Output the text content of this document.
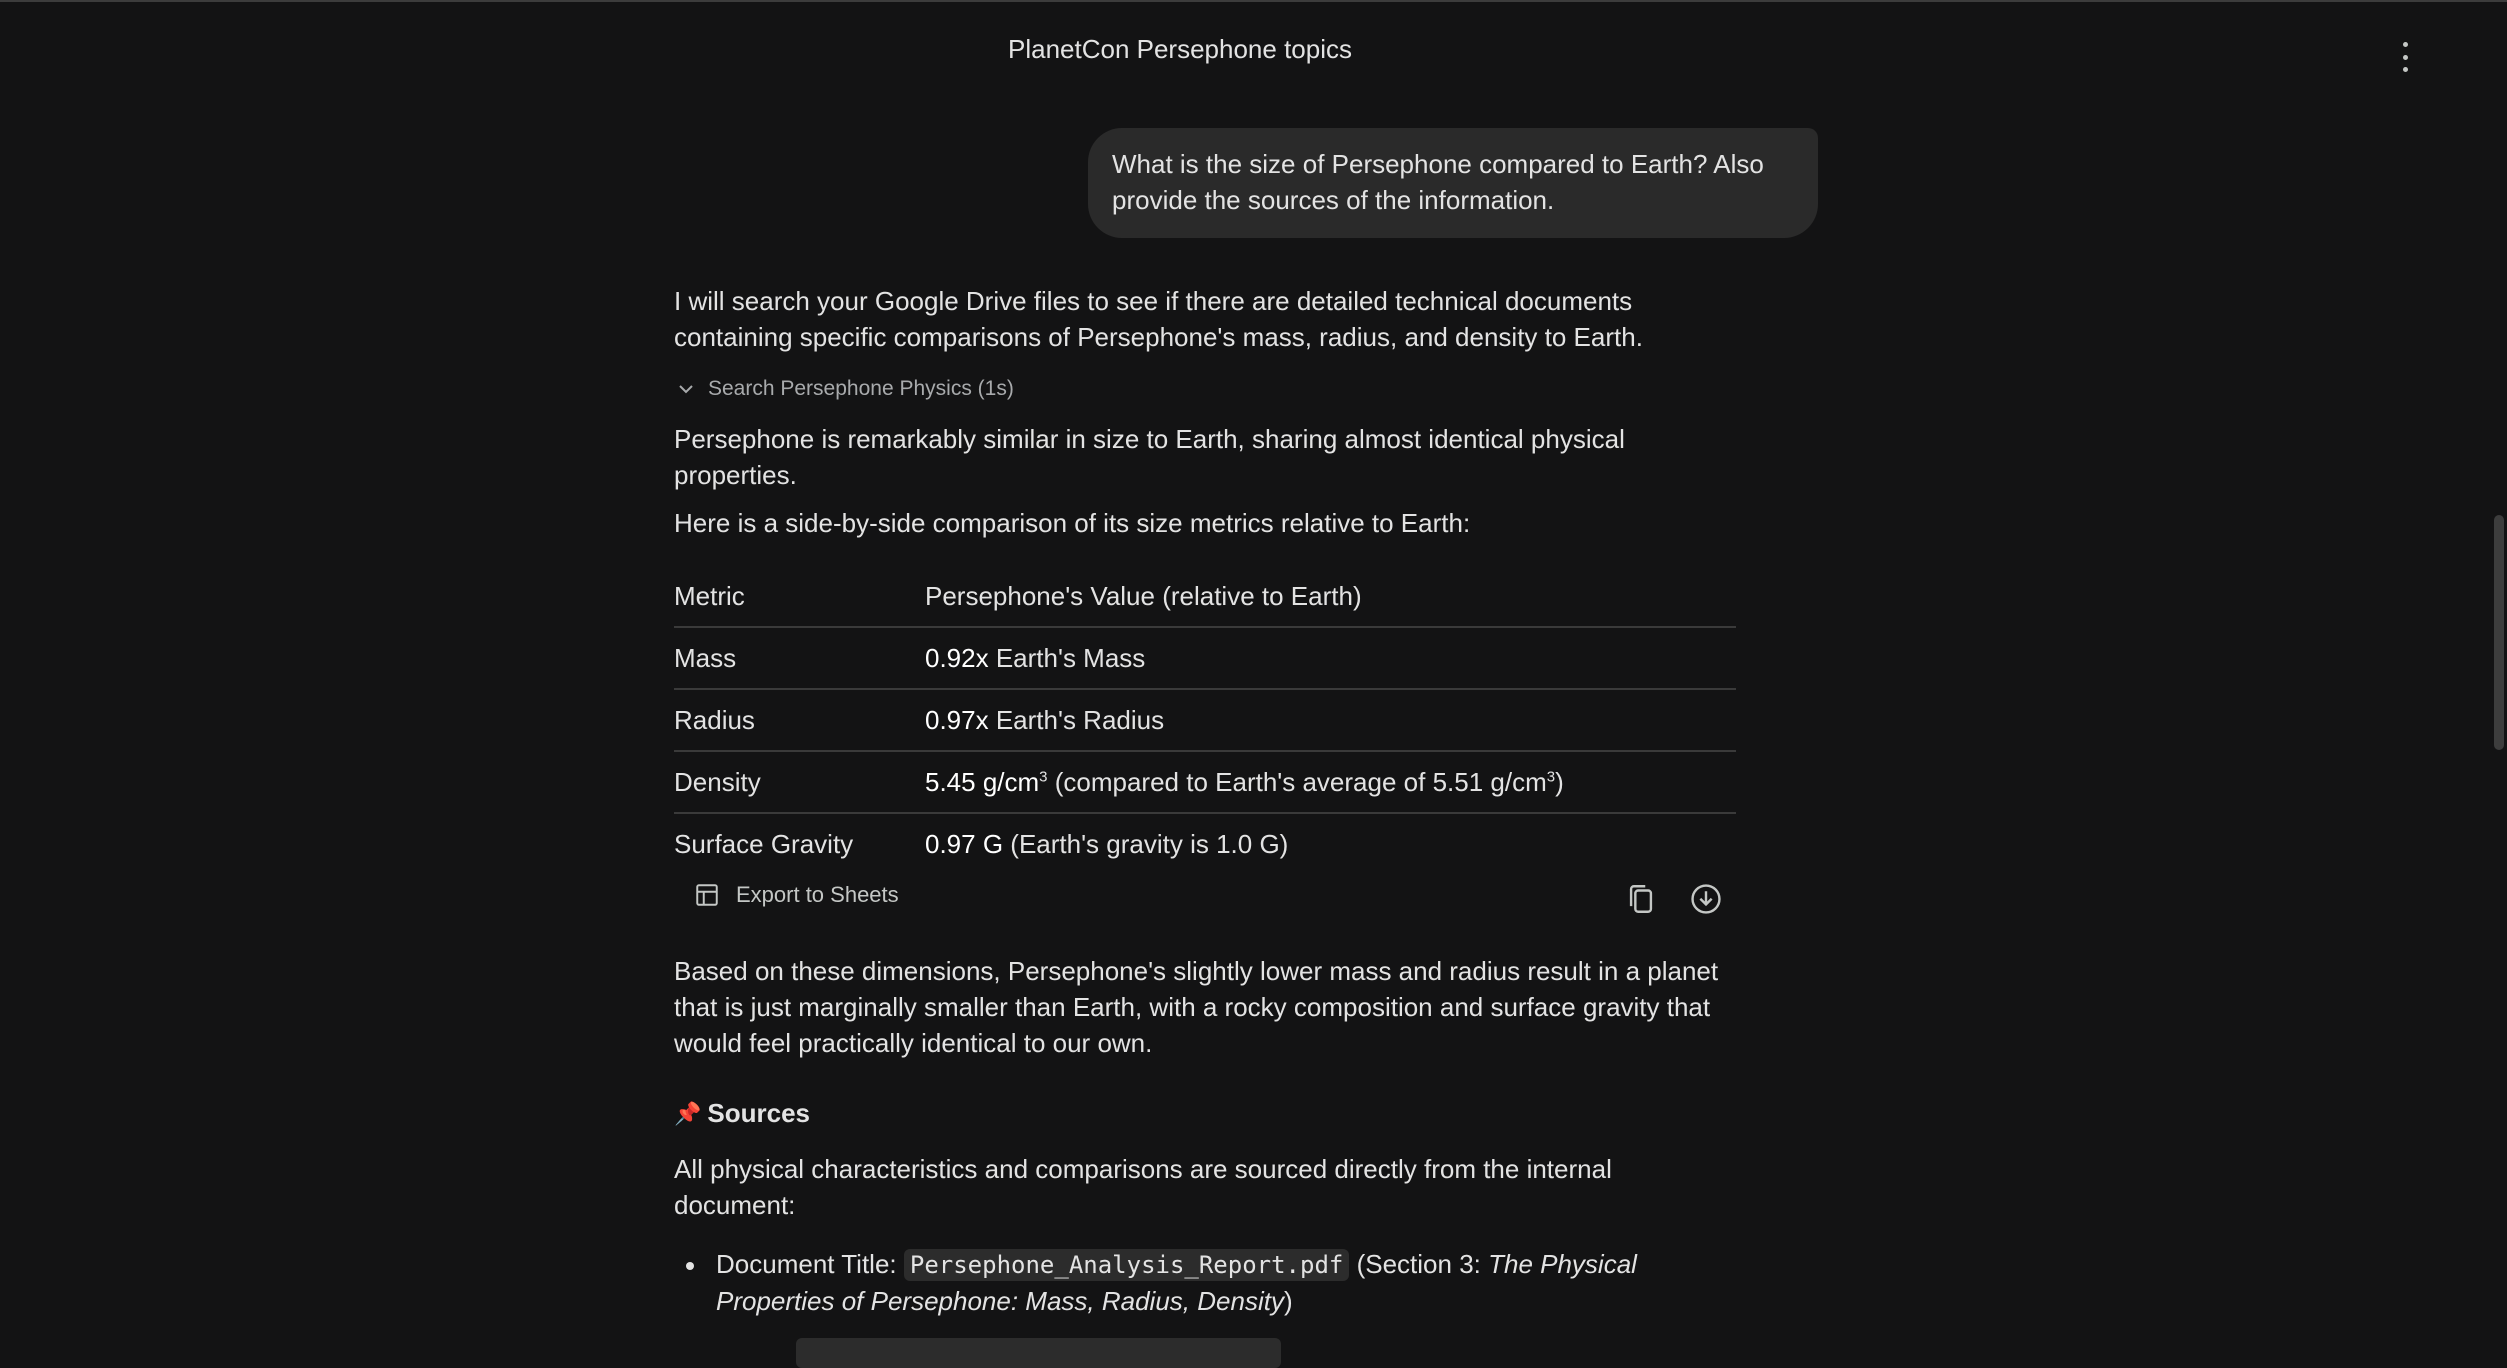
PlanetCon Persephone topics
What is the size of Persephone compared to Earth? Also provide the sources of the information.

I will search your Google Drive files to see if there are detailed technical documents containing specific comparisons of Persephone's mass, radius, and density to Earth.

Search Persephone Physics (1s)

Persephone is remarkably similar in size to Earth, sharing almost identical physical properties.

Here is a side-by-side comparison of its size metrics relative to Earth:

Metric	Persephone's Value (relative to Earth)
Mass	0.92x Earth's Mass
Radius	0.97x Earth's Radius
Density	5.45 $g/cm^3$ (compared to Earth's average of 5.51 $g/cm^3$)
Surface Gravity	0.97 G (Earth's gravity is 1.0 G)
Export to Sheets

Based on these dimensions, Persephone's slightly lower mass and radius result in a planet that is just marginally smaller than Earth, with a rocky composition and surface gravity that would feel practically identical to our own.

📌 Sources

All physical characteristics and comparisons are sourced directly from the internal document:

Document Title: Persephone_Analysis_Report.pdf (Section 3: The Physical Properties of Persephone: Mass, Radius, Density)
